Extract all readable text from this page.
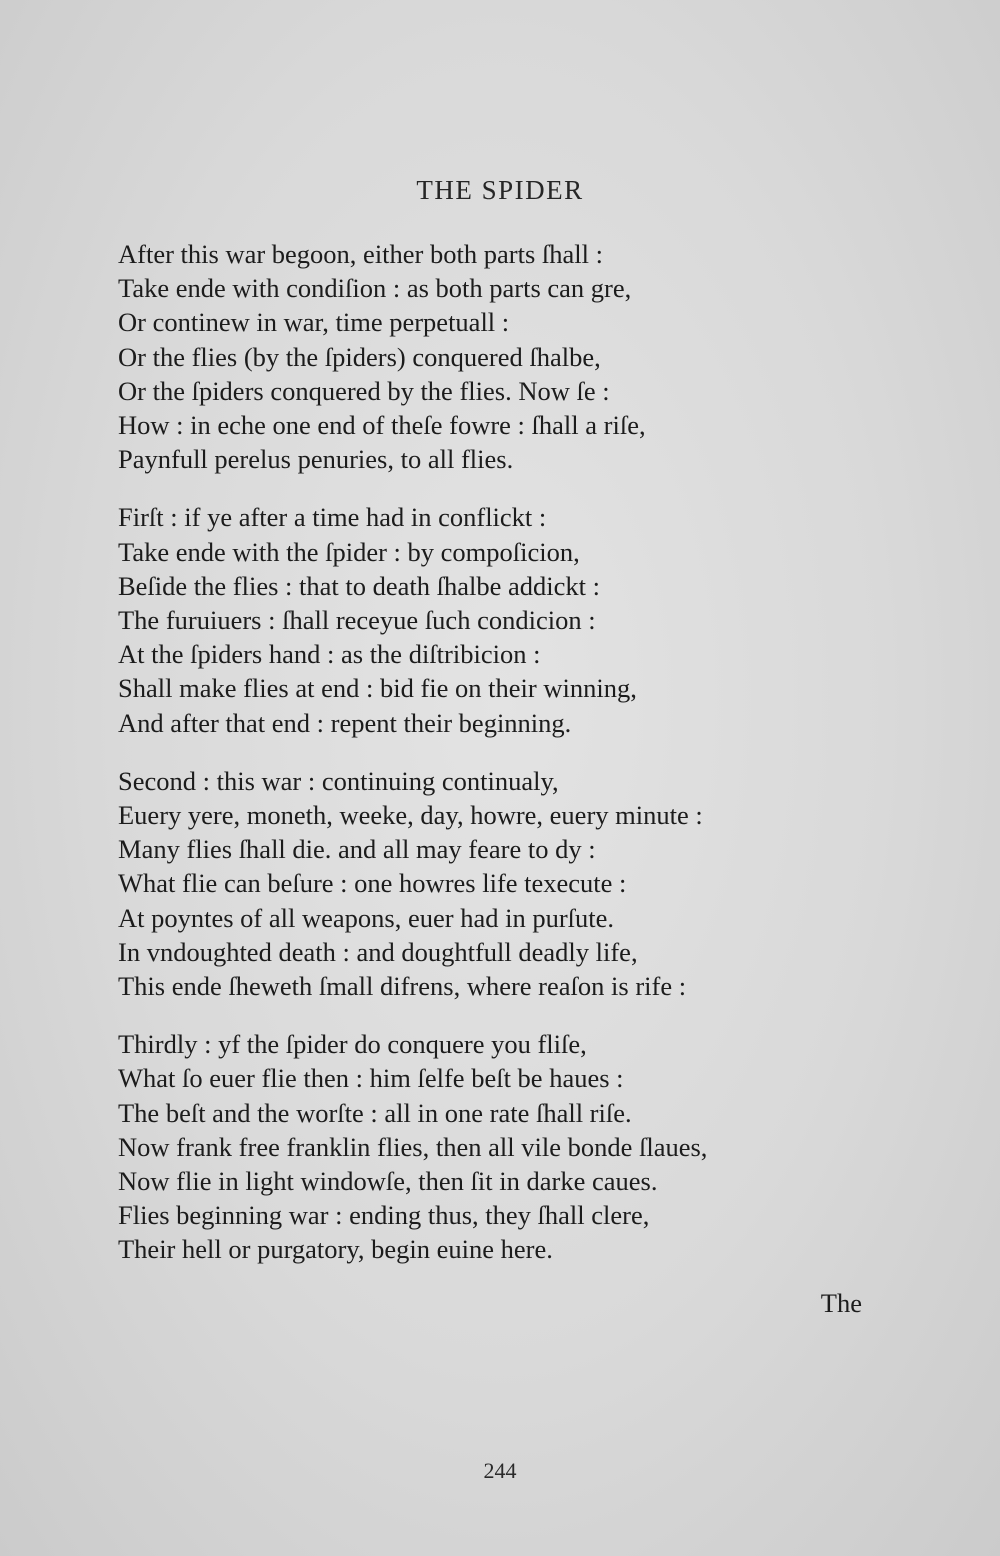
THE SPIDER
After this war begoon, either both parts ſhall :
Take ende with condiſion : as both parts can gre,
Or continew in war, time perpetuall :
Or the flies (by the ſpiders) conquered ſhalbe,
Or the ſpiders conquered by the flies. Now ſe :
How : in eche one end of theſe fowre : ſhall a riſe,
Paynfull perelus penuries, to all flies.
Firſt : if ye after a time had in conflickt :
Take ende with the ſpider : by compoſicion,
Beſide the flies : that to death ſhalbe addickt :
The furuiuers : ſhall receyue ſuch condicion :
At the ſpiders hand : as the diſtribicion :
Shall make flies at end : bid fie on their winning,
And after that end : repent their beginning.
Second : this war : continuing continualy,
Euery yere, moneth, weeke, day, howre, euery minute :
Many flies ſhall die. and all may feare to dy :
What flie can beſure : one howres life texecute :
At poyntes of all weapons, euer had in purſute.
In vndoughted death : and doughtfull deadly life,
This ende ſheweth ſmall difrens, where reaſon is rife :
Thirdly : yf the ſpider do conquere you fliſe,
What ſo euer flie then : him ſelfe beſt be haues :
The beſt and the worſte : all in one rate ſhall riſe.
Now frank free franklin flies, then all vile bonde ſlaues,
Now flie in light windowſe, then ſit in darke caues.
Flies beginning war : ending thus, they ſhall clere,
Their hell or purgatory, begin euine here.
The
244
